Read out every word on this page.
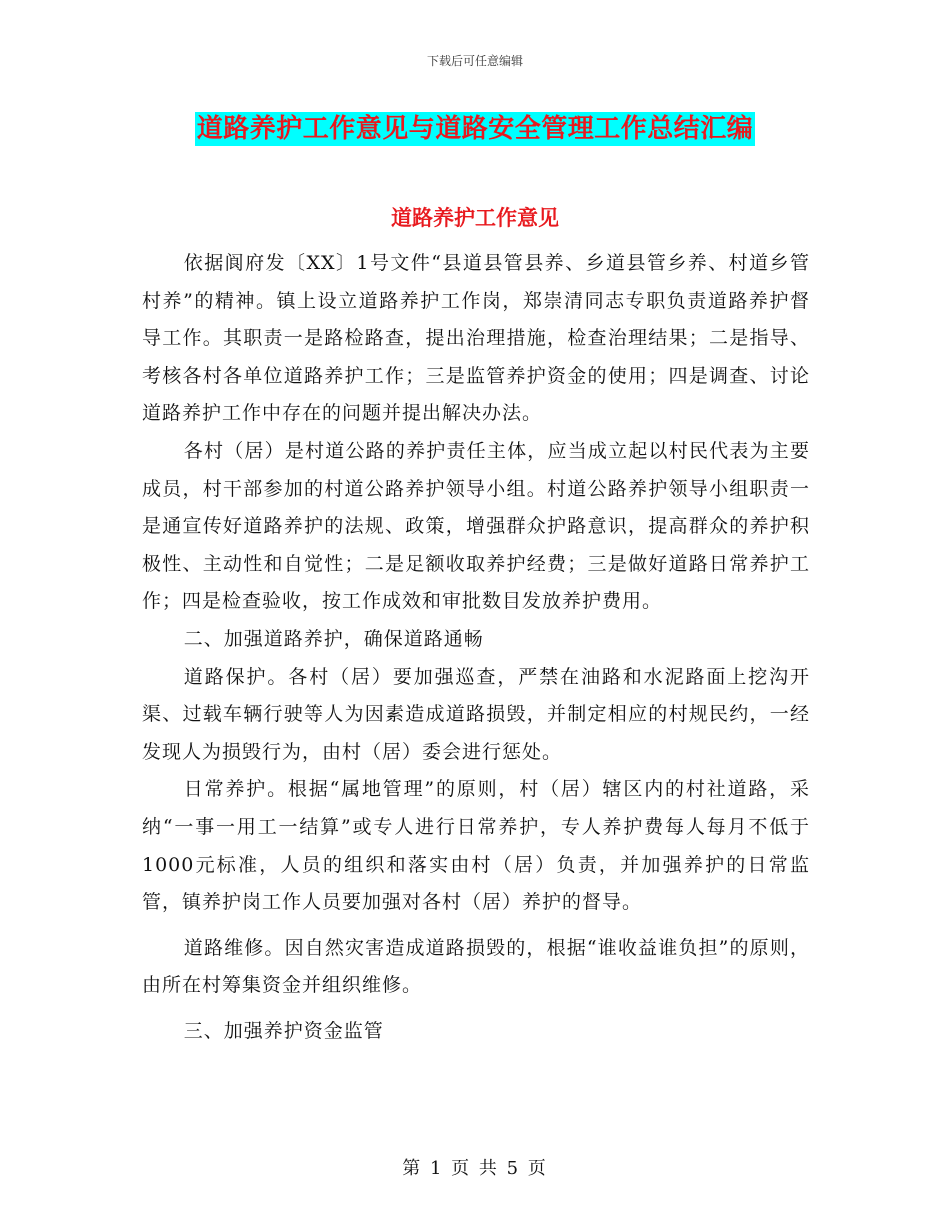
下载后可任意编辑
道路养护工作意见与道路安全管理工作总结汇编
道路养护工作意见

依据阆府发〔XX〕1号文件“县道县管县养、乡道县管乡养、村道乡管村养”的精神。镇上设立道路养护工作岗，郑崇清同志专职负责道路养护督导工作。其职责一是路检路查，提出治理措施，检查治理结果；二是指导、考核各村各单位道路养护工作；三是监管养护资金的使用；四是调查、讨论道路养护工作中存在的问题并提出解决办法。

各村（居）是村道公路的养护责任主体，应当成立起以村民代表为主要成员，村干部参加的村道公路养护领导小组。村道公路养护领导小组职责一是通宣传好道路养护的法规、政策，增强群众护路意识，提高群众的养护积极性、主动性和自觉性；二是足额收取养护经费；三是做好道路日常养护工作；四是检查验收，按工作成效和审批数目发放养护费用。

二、加强道路养护，确保道路通畅

道路保护。各村（居）要加强巡查，严禁在油路和水泥路面上挖沟开渠、过载车辆行驶等人为因素造成道路损毁，并制定相应的村规民约，一经发现人为损毁行为，由村（居）委会进行惩处。

日常养护。根据“属地管理”的原则，村（居）辖区内的村社道路，采纳“一事一用工一结算”或专人进行日常养护，专人养护费每人每月不低于1000元标准，人员的组织和落实由村（居）负责，并加强养护的日常监管，镇养护岗工作人员要加强对各村（居）养护的督导。

道路维修。因自然灾害造成道路损毁的，根据“谁收益谁负担”的原则，由所在村筹集资金并组织维修。

三、加强养护资金监管

第 1 页 共 5 页
